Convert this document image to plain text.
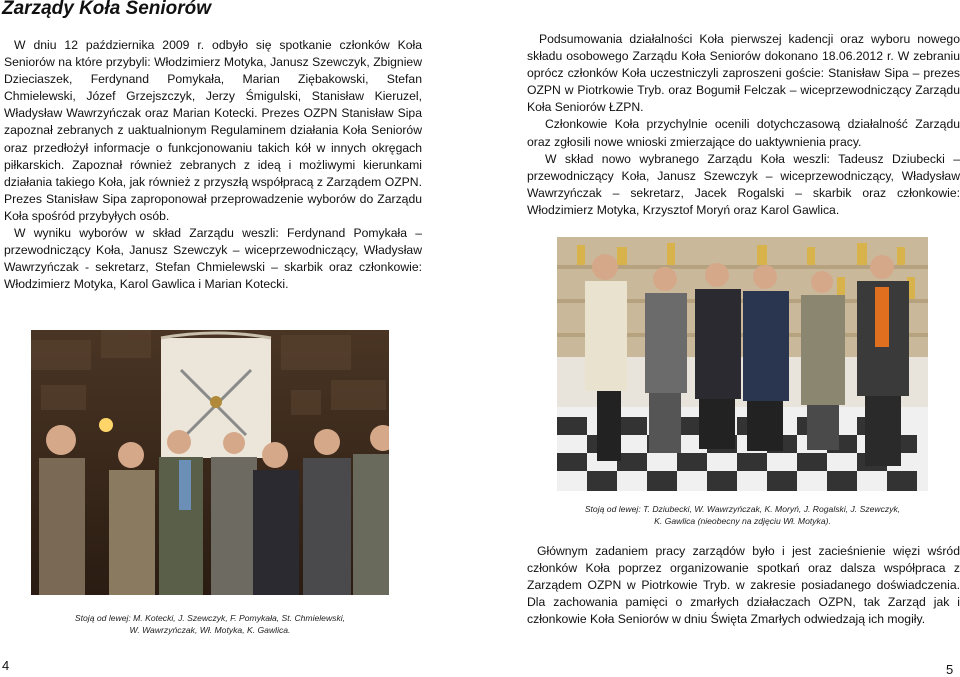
Zarządy Koła Seniorów

W dniu 12 października 2009 r. odbyło się spotkanie członków Koła Seniorów na które przybyli: Włodzimierz Motyka, Janusz Szewczyk, Zbigniew Dzieciaszek, Ferdynand Pomykała, Marian Ziębakowski, Stefan Chmielewski, Józef Grzejszczyk, Jerzy Śmigulski, Stanisław Kieruzel, Władysław Wawrzyńczak oraz Marian Kotecki. Prezes OZPN Stanisław Sipa zapoznał zebranych z uaktualnionym Regulaminem działania Koła Seniorów oraz przedłożył informacje o funkcjonowaniu takich kół w innych okręgach piłkarskich. Zapoznał również zebranych z ideą i możliwymi kierunkami działania takiego Koła, jak również z przyszłą współpracą z Zarządem OZPN. Prezes Stanisław Sipa zaproponował przeprowadzenie wyborów do Zarządu Koła spośród przybyłych osób.

W wyniku wyborów w skład Zarządu weszli: Ferdynand Pomykała – przewodniczący Koła, Janusz Szewczyk – wiceprzewodniczący, Władysław Wawrzyńczak - sekretarz, Stefan Chmielewski – skarbik oraz członkowie: Włodzimierz Motyka, Karol Gawlica i Marian Kotecki.

Stoją od lewej: M. Kotecki, J. Szewczyk, F. Pomykała, St. Chmielewski,
W. Wawrzyńczak, Wł. Motyka, K. Gawlica.
4

Podsumowania działalności Koła pierwszej kadencji oraz wyboru nowego składu osobowego Zarządu Koła Seniorów dokonano 18.06.2012 r. W zebraniu oprócz członków Koła uczestniczyli zaproszeni goście: Stanisław Sipa – prezes OZPN w Piotrkowie Tryb. oraz Bogumił Felczak – wiceprzewodniczący Zarządu Koła Seniorów ŁZPN.

Członkowie Koła przychylnie ocenili dotychczasową działalność Zarządu oraz zgłosili nowe wnioski zmierzające do uaktywnienia pracy.

W skład nowo wybranego Zarządu Koła weszli: Tadeusz Dziubecki – przewodniczący Koła, Janusz Szewczyk – wiceprzewodniczący, Władysław Wawrzyńczak – sekretarz, Jacek Rogalski – skarbik oraz członkowie: Włodzimierz Motyka, Krzysztof Moryń oraz Karol Gawlica.

Stoją od lewej: T. Dziubecki, W. Wawrzyńczak, K. Moryń, J. Rogalski, J. Szewczyk,
K. Gawlica (nieobecny na zdjęciu Wł. Motyka).

Głównym zadaniem pracy zarządów było i jest zacieśnienie więzi wśród członków Koła poprzez organizowanie spotkań oraz dalsza współpraca z Zarządem OZPN w Piotrkowie Tryb. w zakresie posiadanego doświadczenia. Dla zachowania pamięci o zmarłych działaczach OZPN, tak Zarząd jak i członkowie Koła Seniorów w dniu Święta Zmarłych odwiedzają ich mogiły.

5
